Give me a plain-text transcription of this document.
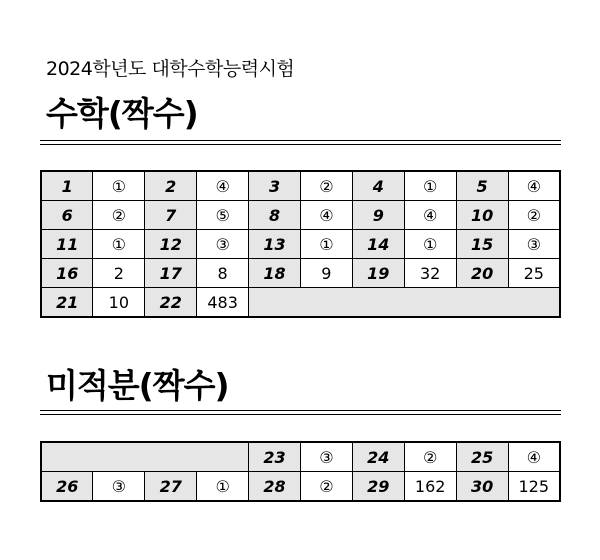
2024학년도 대학수학능력시험
수학(짝수)
1	①	2	④	3	②	4	①	5	④
6	②	7	⑤	8	④	9	④	10	②
11	①	12	③	13	①	14	①	15	③
16	2	17	8	18	9	19	32	20	25
21	10	22	483						
미적분(짝수)
				23	③	24	②	25	④
26	③	27	①	28	②	29	162	30	125
